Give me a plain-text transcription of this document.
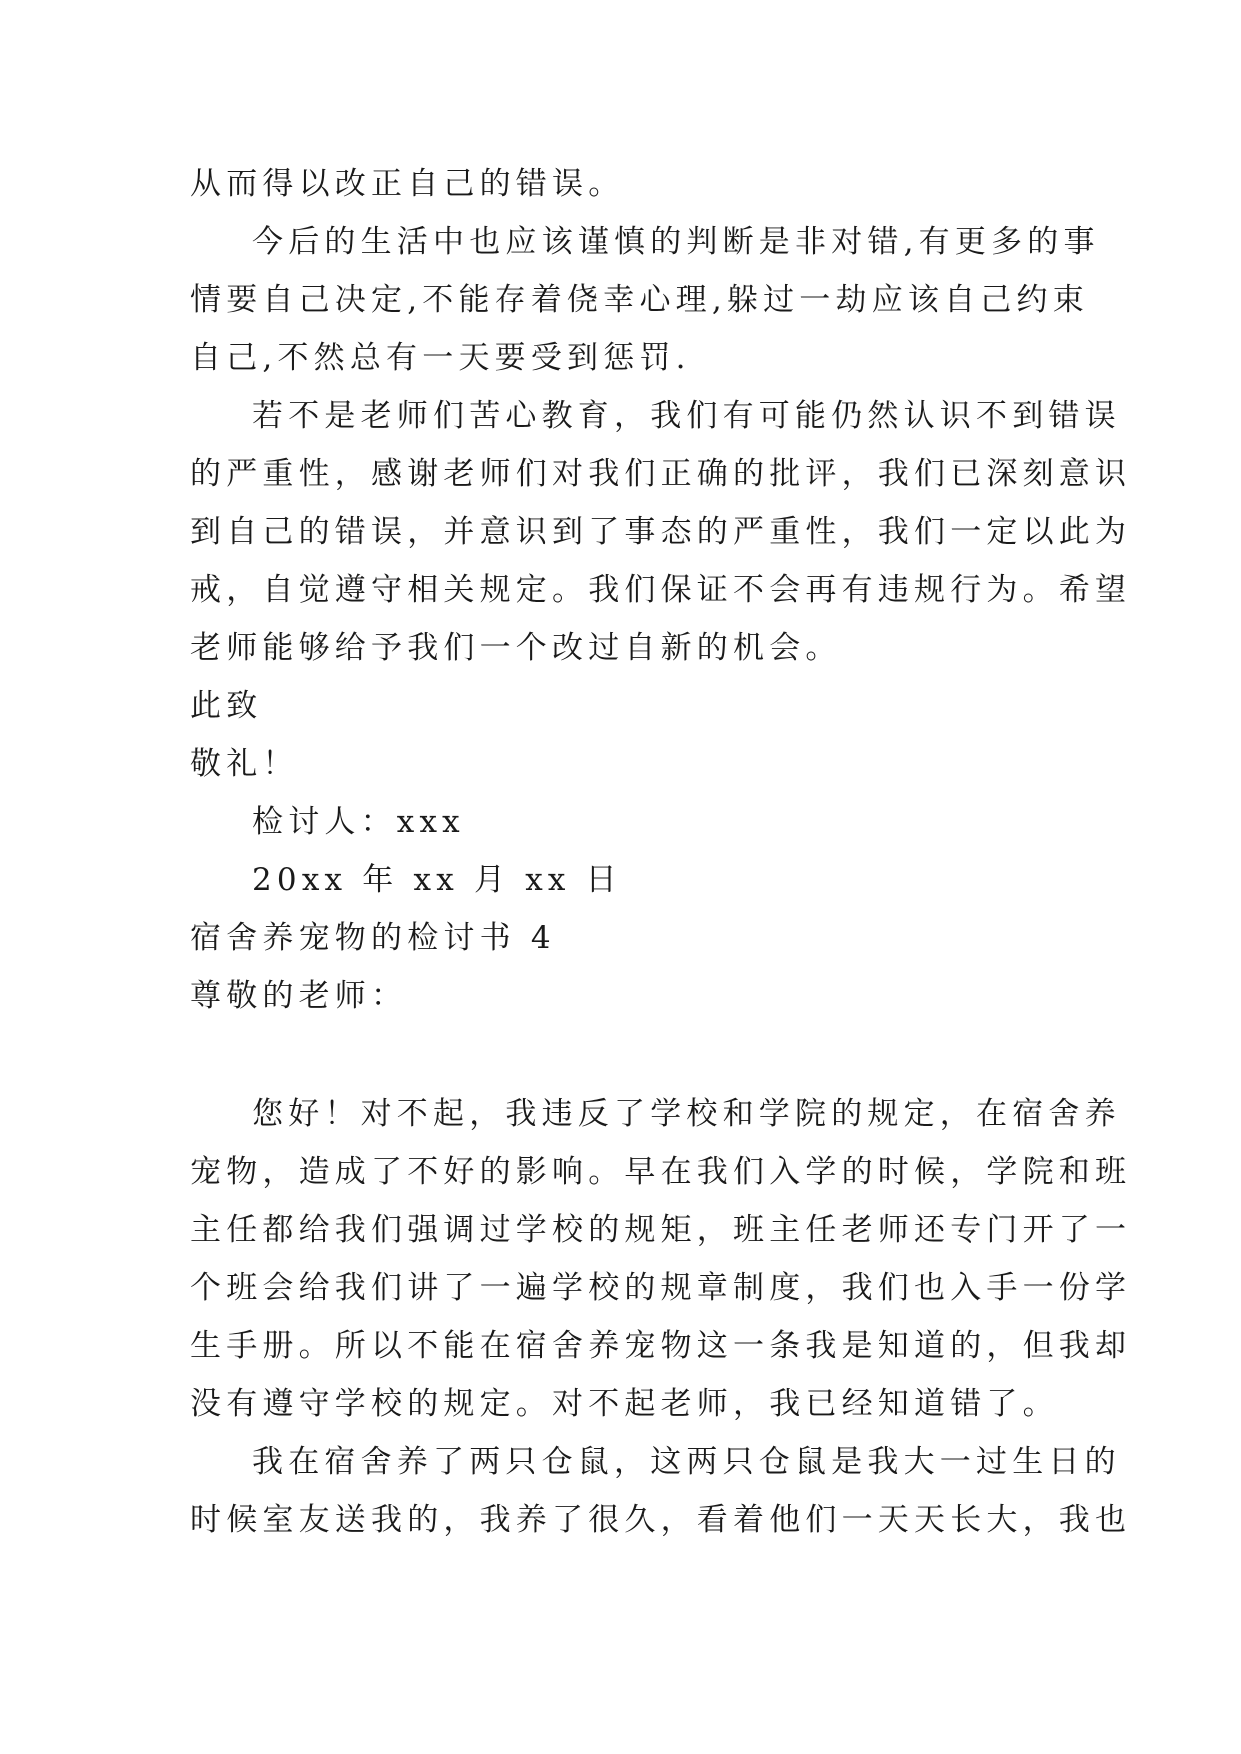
从而得以改正自己的错误。
今后的生活中也应该谨慎的判断是非对错,有更多的事
情要自己决定,不能存着侥幸心理,躲过一劫应该自己约束
自己,不然总有一天要受到惩罚.
若不是老师们苦心教育，我们有可能仍然认识不到错误
的严重性，感谢老师们对我们正确的批评，我们已深刻意识
到自己的错误，并意识到了事态的严重性，我们一定以此为
戒，自觉遵守相关规定。我们保证不会再有违规行为。希望
老师能够给予我们一个改过自新的机会。
此致
敬礼！
检讨人：xxx
20xx 年 xx 月 xx 日
宿舍养宠物的检讨书 4
尊敬的老师：
您好！对不起，我违反了学校和学院的规定，在宿舍养
宠物，造成了不好的影响。早在我们入学的时候，学院和班
主任都给我们强调过学校的规矩，班主任老师还专门开了一
个班会给我们讲了一遍学校的规章制度，我们也入手一份学
生手册。所以不能在宿舍养宠物这一条我是知道的，但我却
没有遵守学校的规定。对不起老师，我已经知道错了。
我在宿舍养了两只仓鼠，这两只仓鼠是我大一过生日的
时候室友送我的，我养了很久，看着他们一天天长大，我也
